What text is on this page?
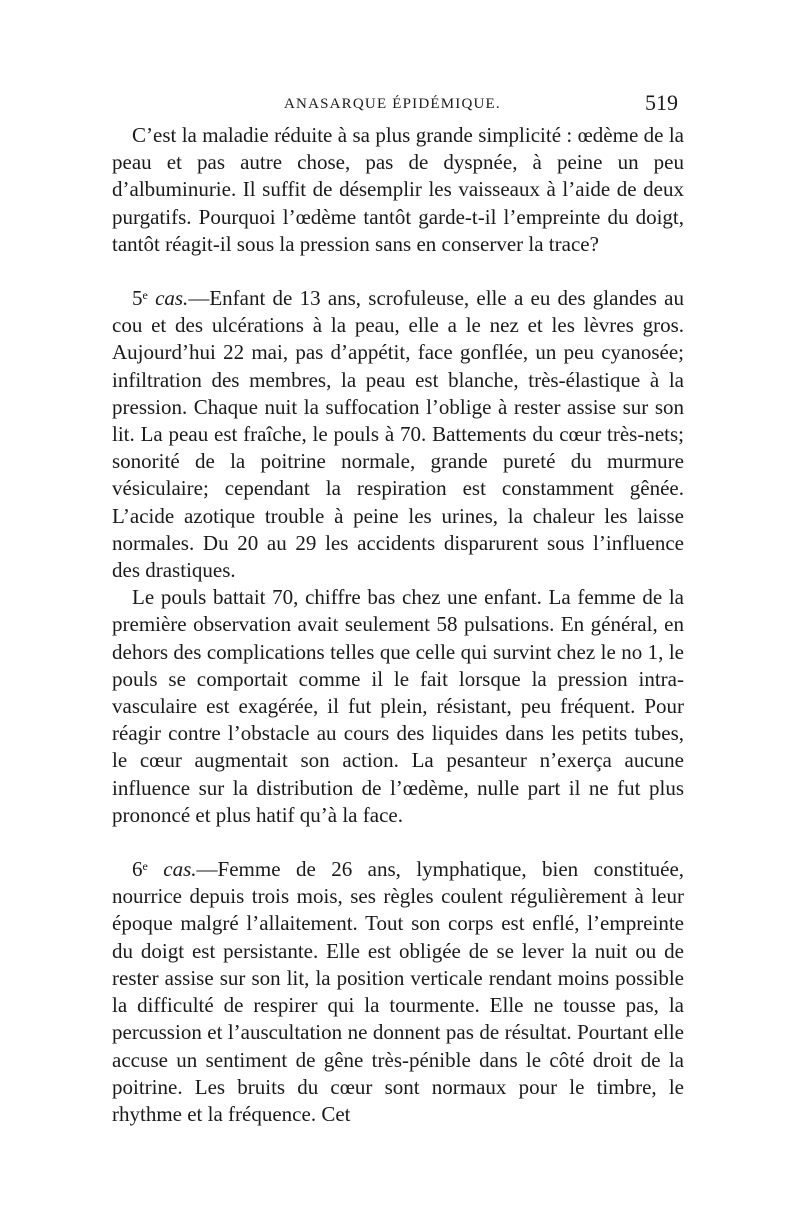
ANASARQUE ÉPIDÉMIQUE.	519

C’est la maladie réduite à sa plus grande simplicité : œdème de la peau et pas autre chose, pas de dyspnée, à peine un peu d’albuminurie. Il suffit de désemplir les vaisseaux à l’aide de deux purgatifs. Pourquoi l’œdème tantôt garde-t-il l’empreinte du doigt, tantôt réagit-il sous la pression sans en conserver la trace?

5e cas.—Enfant de 13 ans, scrofuleuse, elle a eu des glandes au cou et des ulcérations à la peau, elle a le nez et les lèvres gros. Aujourd’hui 22 mai, pas d’appétit, face gonflée, un peu cyanosée; infiltration des membres, la peau est blanche, très-élastique à la pression. Chaque nuit la suffocation l’oblige à rester assise sur son lit. La peau est fraîche, le pouls à 70. Battements du cœur très-nets; sonorité de la poitrine normale, grande pureté du murmure vésiculaire; cependant la respiration est constamment gênée. L’acide azotique trouble à peine les urines, la chaleur les laisse normales. Du 20 au 29 les accidents disparurent sous l’influence des drastiques.

Le pouls battait 70, chiffre bas chez une enfant. La femme de la première observation avait seulement 58 pulsations. En général, en dehors des complications telles que celle qui survint chez le no 1, le pouls se comportait comme il le fait lorsque la pression intra-vasculaire est exagérée, il fut plein, résistant, peu fréquent. Pour réagir contre l’obstacle au cours des liquides dans les petits tubes, le cœur augmentait son action. La pesanteur n’exerça aucune influence sur la distribution de l’œdème, nulle part il ne fut plus prononcé et plus hatif qu’à la face.

6e cas.—Femme de 26 ans, lymphatique, bien constituée, nourrice depuis trois mois, ses règles coulent régulièrement à leur époque malgré l’allaitement. Tout son corps est enflé, l’empreinte du doigt est persistante. Elle est obligée de se lever la nuit ou de rester assise sur son lit, la position verticale rendant moins possible la difficulté de respirer qui la tourmente. Elle ne tousse pas, la percussion et l’auscultation ne donnent pas de résultat. Pourtant elle accuse un sentiment de gêne très-pénible dans le côté droit de la poitrine. Les bruits du cœur sont normaux pour le timbre, le rhythme et la fréquence. Cet
